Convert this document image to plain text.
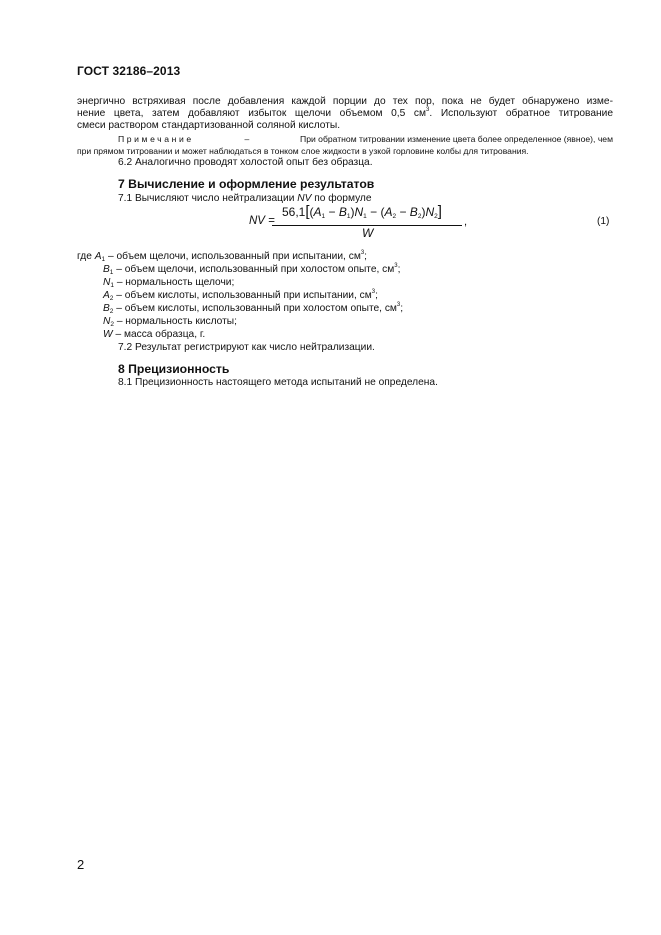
ГОСТ 32186–2013
энергично встряхивая после добавления каждой порции до тех пор, пока не будет обнаружено изме-
нение цвета, затем добавляют избыток щелочи объемом 0,5 $см^3$. Используют обратное титрование
смеси раствором стандартизованной соляной кислоты.
Примечание	–	При обратном титровании изменение цвета более определенное (явное), чем
при прямом титровании и может наблюдаться в тонком слое жидкости в узкой горловине колбы для титрования.
6.2 Аналогично проводят холостой опыт без образца.
7 Вычисление и оформление результатов
7.1 Вычисляют число нейтрализации NV по формуле
NV =
$56,1[(A_1 - B_1)N_1 - (A_2 - B_2)N_2]$
W
,	(1)
где $A_1$ – объем щелочи, использованный при испытании, $см^3$;
$B_1$ – объем щелочи, использованный при холостом опыте, $см^3$;
$N_1$ – нормальность щелочи;
$A_2$ – объем кислоты, использованный при испытании, $см^3$;
$B_2$ – объем кислоты, использованный при холостом опыте, $см^3$;
$N_2$ – нормальность кислоты;
W – масса образца, г.
7.2 Результат регистрируют как число нейтрализации.
8 Прецизионность
8.1 Прецизионность настоящего метода испытаний не определена.
2
